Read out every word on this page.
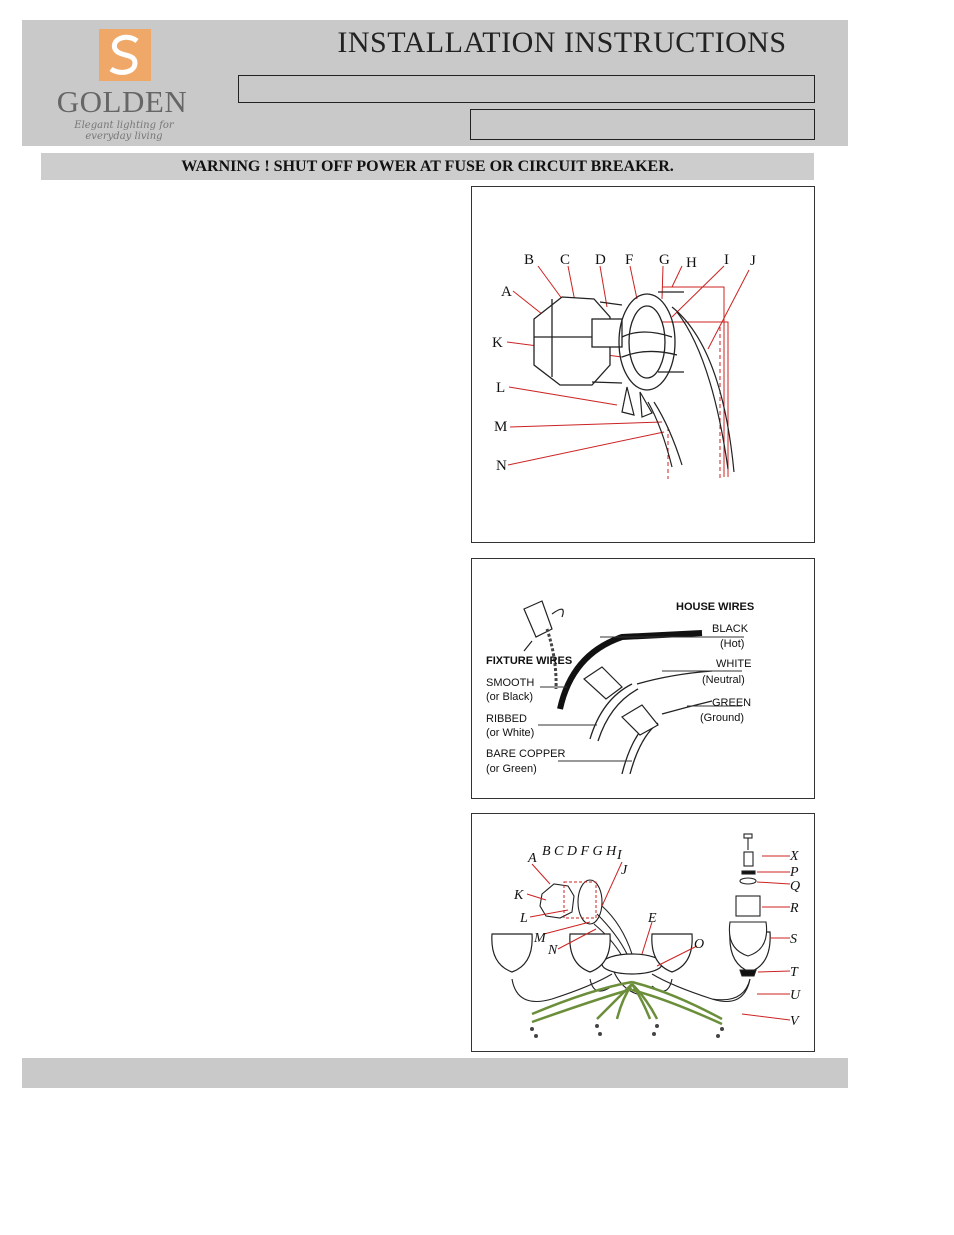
GOLDEN
Elegant lighting for everyday living
INSTALLATION INSTRUCTIONS
WARNING ! SHUT OFF POWER AT FUSE OR CIRCUIT BREAKER.
B C D F G H I J
A
K
L
M
N
HOUSE WIRES
BLACK
(Hot)
WHITE
(Neutral)
GREEN
(Ground)
FIXTURE WIRES
SMOOTH
(or Black)
RIBBED
(or White)
BARE COPPER
(or Green)
A
K
L
M
N
B C D F G H I
J
E
O
X
P
Q
R
S
T
U
V
